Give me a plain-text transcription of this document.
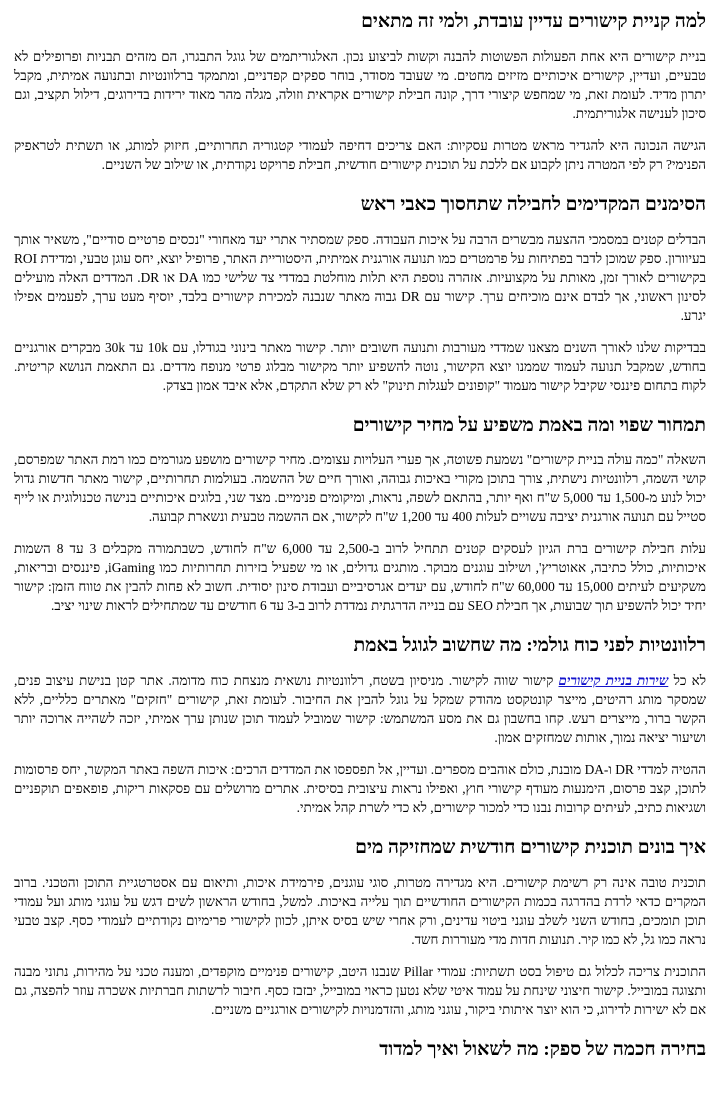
למה קניית קישורים עדיין עובדת, ולמי זה מתאים

בניית קישורים היא אחת הפעולות הפשוטות להבנה וקשות לביצוע נכון. האלגוריתמים של גוגל התבגרו, הם מזהים תבניות ופרופילים לא טבעיים, ועדיין, קישורים איכותיים מזיזים מחטים. מי שעובד מסודר, בוחר ספקים קפדניים, ומתמקד ברלוונטיות ובתנועה אמיתית, מקבל יתרון מדיד. לעומת זאת, מי שמחפש קיצורי דרך, קונה חבילת קישורים אקראית וזולה, מגלה מהר מאוד ירידות בדירוגים, דילול תקציב, וגם סיכון לענישה אלגוריתמית.

הגישה הנכונה היא להגדיר מראש מטרות עסקיות: האם צריכים דחיפה לעמודי קטגוריה תחרותיים, חיזוק למותג, או תשתית לטראפיק הפנימי? רק לפי המטרה ניתן לקבוע אם ללכת על תוכנית קישורים חודשית, חבילת פרויקט נקודתית, או שילוב של השניים.

הסימנים המקדימים לחבילה שתחסוך כאבי ראש

הבדלים קטנים במסמכי ההצעה מבשרים הרבה על איכות העבודה. ספק שמסתיר אתרי יעד מאחורי "נכסים פרטיים סודיים", משאיר אותך בעיוורון. ספק שמוכן לדבר בפתיחות על פרמטרים כמו תנועה אורגנית אמיתית, היסטוריית האתר, פרופיל יוצא, יחס עוגן טבעי, ומדידת ROI בקישורים לאורך זמן, מאותת על מקצועיות. אזהרה נוספת היא תלות מוחלטת במדדי צד שלישי כמו DA או DR. המדדים האלה מועילים לסינון ראשוני, אך לבדם אינם מוכיחים ערך. קישור עם DR גבוה מאתר שנבנה למכירת קישורים בלבד, יוסיף מעט ערך, לפעמים אפילו יגרע.

בבדיקות שלנו לאורך השנים מצאנו שמדדי מעורבות ותנועה חשובים יותר. קישור מאתר בינוני בגודלו, עם 10k עד 30k מבקרים אורגניים בחודש, שמקבל תנועה לעמוד שממנו יוצא הקישור, נוטה להשפיע יותר מקישור מבלוג פרטי מנופח מדדים. גם התאמת הנושא קריטית. לקוח בתחום פיננסי שקיבל קישור מעמוד "קופונים לעגלות תינוק" לא רק שלא התקדם, אלא איבד אמון בצדק.

תמחור שפוי ומה באמת משפיע על מחיר קישורים

השאלה "כמה עולה בניית קישורים" נשמעת פשוטה, אך פערי העלויות עצומים. מחיר קישורים מושפע מגורמים כמו רמת האתר שמפרסם, קושי השמה, רלוונטיות נישתית, צורך בתוכן מקורי באיכות גבוהה, ואורך חיים של ההשמה. בעולמות תחרותיים, קישור מאתר חדשות גדול יכול לנוע מ-1,500 עד 5,000 ש"ח ואף יותר, בהתאם לשפה, נראות, ומיקומים פנימיים. מצד שני, בלוגים איכותיים בנישה טכנולוגית או לייף סטייל עם תנועה אורגנית יציבה עשויים לעלות 400 עד 1,200 ש"ח לקישור, אם ההשמה טבעית ונשארת קבועה.

עלות חבילת קישורים ברת הגיון לעסקים קטנים תתחיל לרוב ב-2,500 עד 6,000 ש"ח לחודש, כשבתמורה מקבלים 3 עד 8 השמות איכותיות, כולל כתיבה, אאוטריץ', ושילוב עוגנים מבוקר. מותגים גדולים, או מי שפעיל בזירות תחרותיות כמו iGaming, פיננסים ובריאות, משקיעים לעיתים 15,000 עד 60,000 ש"ח לחודש, עם יעדים אגרסיביים ועבודת סינון יסודית. חשוב לא פחות להבין את טווח הזמן: קישור יחיד יכול להשפיע תוך שבועות, אך חבילת SEO עם בנייה הדרגתית נמדדת לרוב ב-3 עד 6 חודשים עד שמתחילים לראות שינוי יציב.

רלוונטיות לפני כוח גולמי: מה שחשוב לגוגל באמת

לא כל שירות בניית קישורים קישור שווה לקישור. מניסיון בשטח, רלוונטיות נושאית מנצחת כוח מדומה. אתר קטן בנישת עיצוב פנים, שמסקר מותג רהיטים, מייצר קונטקסט מהודק שמקל על גוגל להבין את החיבור. לעומת זאת, קישורים "חזקים" מאתרים כלליים, ללא הקשר ברור, מייצרים רעש. קחו בחשבון גם את מסע המשתמש: קישור שמוביל לעמוד תוכן שנותן ערך אמיתי, יזכה לשהייה ארוכה יותר ושיעור יציאה נמוך, אותות שמחזקים אמון.

ההטיה למדדי DR ו-DA מובנת, כולם אוהבים מספרים. ועדיין, אל תפספסו את המדדים הרכים: איכות השפה באתר המקשר, יחס פרסומות לתוכן, קצב פרסום, הימנעות מעודף קישורי חוץ, ואפילו נראות עיצובית בסיסית. אתרים מרושלים עם פסקאות ריקות, פופאפים תוקפניים ושגיאות כתיב, לעיתים קרובות נבנו כדי למכור קישורים, לא כדי לשרת קהל אמיתי.

איך בונים תוכנית קישורים חודשית שמחזיקה מים

תוכנית טובה אינה רק רשימת קישורים. היא מגדירה מטרות, סוגי עוגנים, פירמידת איכות, ותיאום עם אסטרטגיית התוכן והטכני. ברוב המקרים כדאי לרדת בהדרגה בכמות הקישורים החודשיים תוך עלייה באיכות. למשל, בחודש הראשון לשים דגש על עוגני מותג ועל עמודי תוכן תומכים, בחודש השני לשלב עוגני ביטוי עדינים, ורק אחרי שיש בסיס איתן, לכוון לקישורי פרימיום נקודתיים לעמודי כסף. קצב טבעי נראה כמו גל, לא כמו קיר. תנועות חדות מדי מעוררות חשד.

התוכנית צריכה לכלול גם טיפול בסט תשתיות: עמודי Pillar שנבנו היטב, קישורים פנימיים מוקפדים, ומענה טכני על מהירות, נתוני מבנה ותצוגה במובייל. קישור חיצוני שינחת על עמוד איטי שלא נטען כראוי במובייל, יבזבז כסף. חיבור לרשתות חברתיות אשכרה עוזר להפצה, גם אם לא ישירות לדירוג, כי הוא יוצר איתותי ביקור, עוגני מותג, והזדמנויות לקישורים אורגניים משניים.

בחירה חכמה של ספק: מה לשאול ואיך למדוד
